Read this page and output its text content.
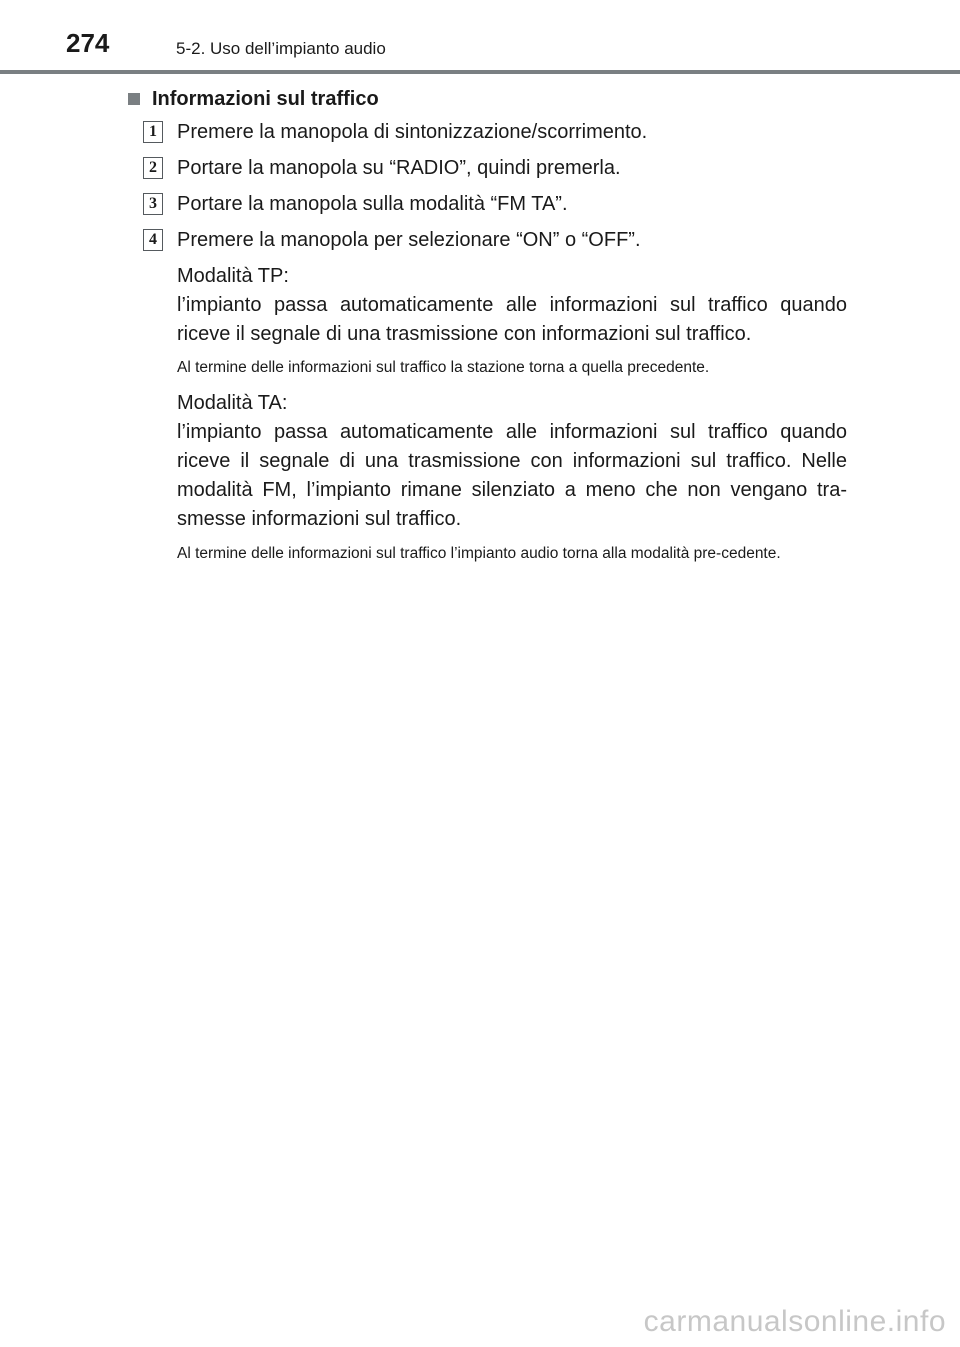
274	5-2. Uso dell’impianto audio
Informazioni sul traffico
1	Premere la manopola di sintonizzazione/scorrimento.
2	Portare la manopola su “RADIO”, quindi premerla.
3	Portare la manopola sulla modalità “FM TA”.
4	Premere la manopola per selezionare “ON” o “OFF”.

Modalità TP:

l’impianto passa automaticamente alle informazioni sul traffico quando riceve il segnale di una trasmissione con informazioni sul traffico.

Al termine delle informazioni sul traffico la stazione torna a quella precedente.

Modalità TA:

l’impianto passa automaticamente alle informazioni sul traffico quando riceve il segnale di una trasmissione con informazioni sul traffico. Nelle modalità FM, l’impianto rimane silenziato a meno che non vengano tra-smesse informazioni sul traffico.

Al termine delle informazioni sul traffico l’impianto audio torna alla modalità pre-cedente.
carmanualsonline.info
